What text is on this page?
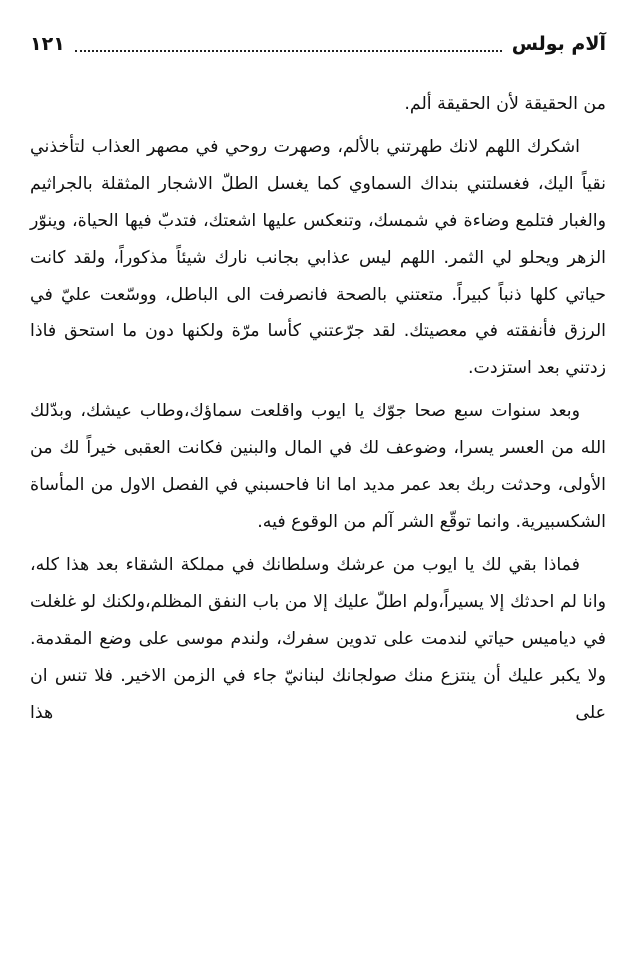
آلام بولس
١٢١

من الحقيقة لأن الحقيقة ألم.

اشكرك اللهم لانك طهرتني بالألم، وصهرت روحي في مصهر العذاب لتأخذني نقياً اليك، فغسلتني بنداك السماوي كما يغسل الطلّ الاشجار المثقلة بالجراثيم والغبار فتلمع وضاءة في شمسك، وتنعكس عليها اشعتك، فتدبّ فيها الحياة، وينوّر الزهر ويحلو لي الثمر. اللهم ليس عذابي بجانب نارك شيئاً مذكوراً، ولقد كانت حياتي كلها ذنباً كبيراً. متعتني بالصحة فانصرفت الى الباطل، ووسّعت عليّ في الرزق فأنفقته في معصيتك. لقد جرّعتني كأسا مرّة ولكنها دون ما استحق فاذا زدتني بعد استزدت.

وبعد سنوات سبع صحا جوّك يا ايوب واقلعت سماؤك،وطاب عيشك، وبدّلك الله من العسر يسرا، وضوعف لك في المال والبنين فكانت العقبى خيراً لك من الأولى، وحدثت ربك بعد عمر مديد اما انا فاحسبني في الفصل الاول من المأساة الشكسبيرية. وانما توقّع الشر آلم من الوقوع فيه.

فماذا بقي لك يا ايوب من عرشك وسلطانك في مملكة الشقاء بعد هذا كله، وانا لم احدثك إلا يسيراً،ولم اطلّ عليك إلا من باب النفق المظلم،ولكنك لو غلغلت في دياميس حياتي لندمت على تدوين سفرك، ولندم موسى على وضع المقدمة. ولا يكبر عليك أن ينتزع منك صولجانك لبنانيّ جاء في الزمن الاخير. فلا تنس ان على هذا
